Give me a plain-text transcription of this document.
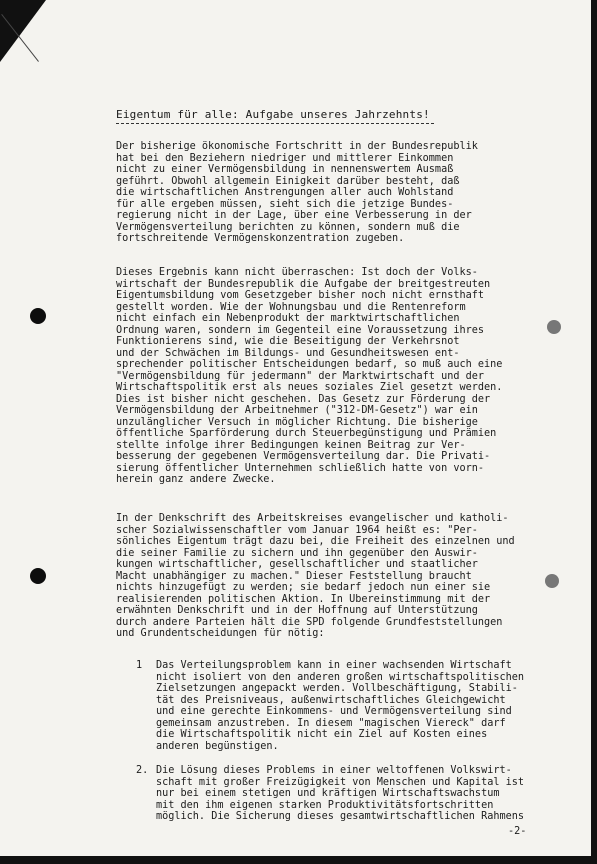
Eigentum für alle: Aufgabe unseres Jahrzehnts!
Der bisherige ökonomische Fortschritt in der Bundesrepublik
hat bei den Beziehern niedriger und mittlerer Einkommen
nicht zu einer Vermögensbildung in nennenswertem Ausmaß
geführt. Obwohl allgemein Einigkeit darüber besteht, daß
die wirtschaftlichen Anstrengungen aller auch Wohlstand
für alle ergeben müssen, sieht sich die jetzige Bundes-
regierung nicht in der Lage, über eine Verbesserung in der
Vermögensverteilung berichten zu können, sondern muß die
fortschreitende Vermögenskonzentration zugeben.
Dieses Ergebnis kann nicht überraschen: Ist doch der Volks-
wirtschaft der Bundesrepublik die Aufgabe der breitgestreuten
Eigentumsbildung vom Gesetzgeber bisher noch nicht ernsthaft
gestellt worden. Wie der Wohnungsbau und die Rentenreform
nicht einfach ein Nebenprodukt der marktwirtschaftlichen
Ordnung waren, sondern im Gegenteil eine Voraussetzung ihres
Funktionierens sind, wie die Beseitigung der Verkehrsnot
und der Schwächen im Bildungs- und Gesundheitswesen ent-
sprechender politischer Entscheidungen bedarf, so muß auch eine
"Vermögensbildung für jedermann" der Marktwirtschaft und der
Wirtschaftspolitik erst als neues soziales Ziel gesetzt werden.
Dies ist bisher nicht geschehen. Das Gesetz zur Förderung der
Vermögensbildung der Arbeitnehmer ("312-DM-Gesetz") war ein
unzulänglicher Versuch in möglicher Richtung. Die bisherige
öffentliche Sparförderung durch Steuerbegünstigung und Prämien
stellte infolge ihrer Bedingungen keinen Beitrag zur Ver-
besserung der gegebenen Vermögensverteilung dar. Die Privati-
sierung öffentlicher Unternehmen schließlich hatte von vorn-
herein ganz andere Zwecke.
In der Denkschrift des Arbeitskreises evangelischer und katholi-
scher Sozialwissenschaftler vom Januar 1964 heißt es: "Per-
sönliches Eigentum trägt dazu bei, die Freiheit des einzelnen und
die seiner Familie zu sichern und ihn gegenüber den Auswir-
kungen wirtschaftlicher, gesellschaftlicher und staatlicher
Macht unabhängiger zu machen." Dieser Feststellung braucht
nichts hinzugefügt zu werden; sie bedarf jedoch nun einer sie
realisierenden politischen Aktion. In Übereinstimmung mit der
erwähnten Denkschrift und in der Hoffnung auf Unterstützung
durch andere Parteien hält die SPD folgende Grundfeststellungen
und Grundentscheidungen für nötig:
1 Das Verteilungsproblem kann in einer wachsenden Wirtschaft
nicht isoliert von den anderen großen wirtschaftspolitischen
Zielsetzungen angepackt werden. Vollbeschäftigung, Stabili-
tät des Preisniveaus, außenwirtschaftliches Gleichgewicht
und eine gerechte Einkommens- und Vermögensverteilung sind
gemeinsam anzustreben. In diesem "magischen Viereck" darf
die Wirtschaftspolitik nicht ein Ziel auf Kosten eines
anderen begünstigen.
2. Die Lösung dieses Problems in einer weltoffenen Volkswirt-
schaft mit großer Freizügigkeit von Menschen und Kapital ist
nur bei einem stetigen und kräftigen Wirtschaftswachstum
mit den ihm eigenen starken Produktivitätsfortschritten
möglich. Die Sicherung dieses gesamtwirtschaftlichen Rahmens
-2-
